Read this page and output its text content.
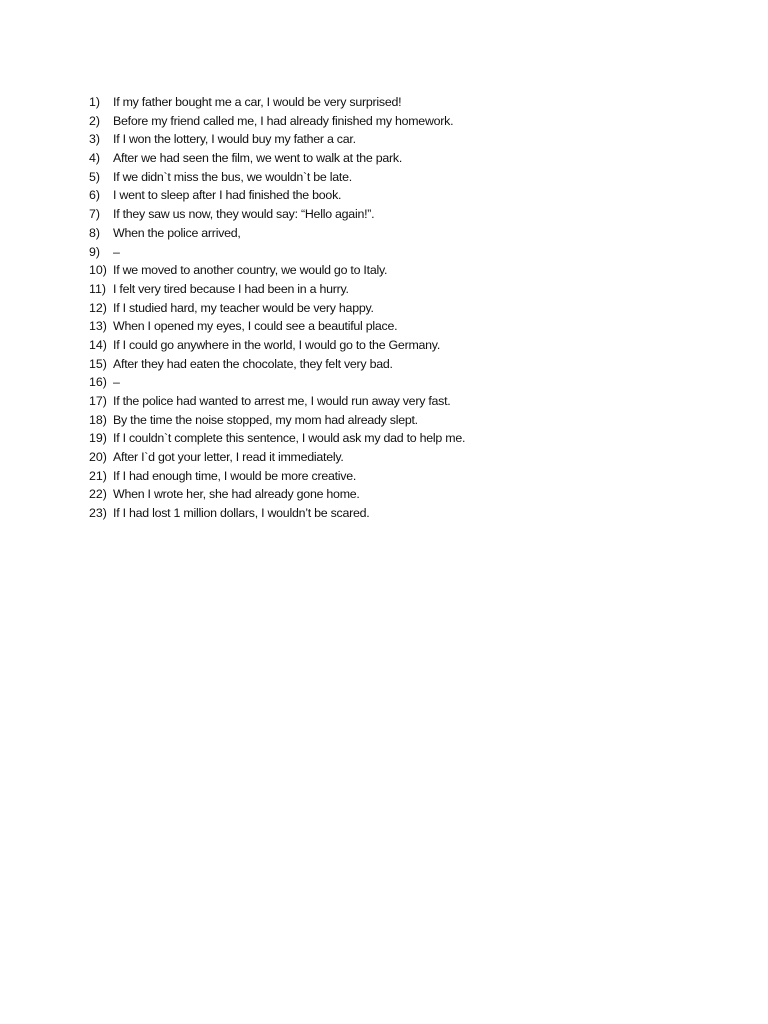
1)	If my father bought me a car, I would be very surprised!
2)	Before my friend called me, I had already finished my homework.
3)	If I won the lottery, I would buy my father a car.
4)	After we had seen the film, we went to walk at the park.
5)	If we didn`t miss the bus, we wouldn`t be late.
6)	I went to sleep after I had finished the book.
7)	If they saw us now, they would say: “Hello again!”.
8)	When the police arrived,
9)	–
10) If we moved to another country, we would go to Italy.
11) I felt very tired because I had been in a hurry.
12) If I studied hard, my teacher would be very happy.
13) When I opened my eyes, I could see a beautiful place.
14) If I could go anywhere in the world, I would go to the Germany.
15) After they had eaten the chocolate, they felt very bad.
16) –
17) If the police had wanted to arrest me, I would run away very fast.
18) By the time the noise stopped, my mom had already slept.
19) If I couldn`t complete this sentence, I would ask my dad to help me.
20) After I`d got your letter, I read it immediately.
21) If I had enough time, I would be more creative.
22) When I wrote her, she had already gone home.
23) If I had lost 1 million dollars, I wouldn’t be scared.
